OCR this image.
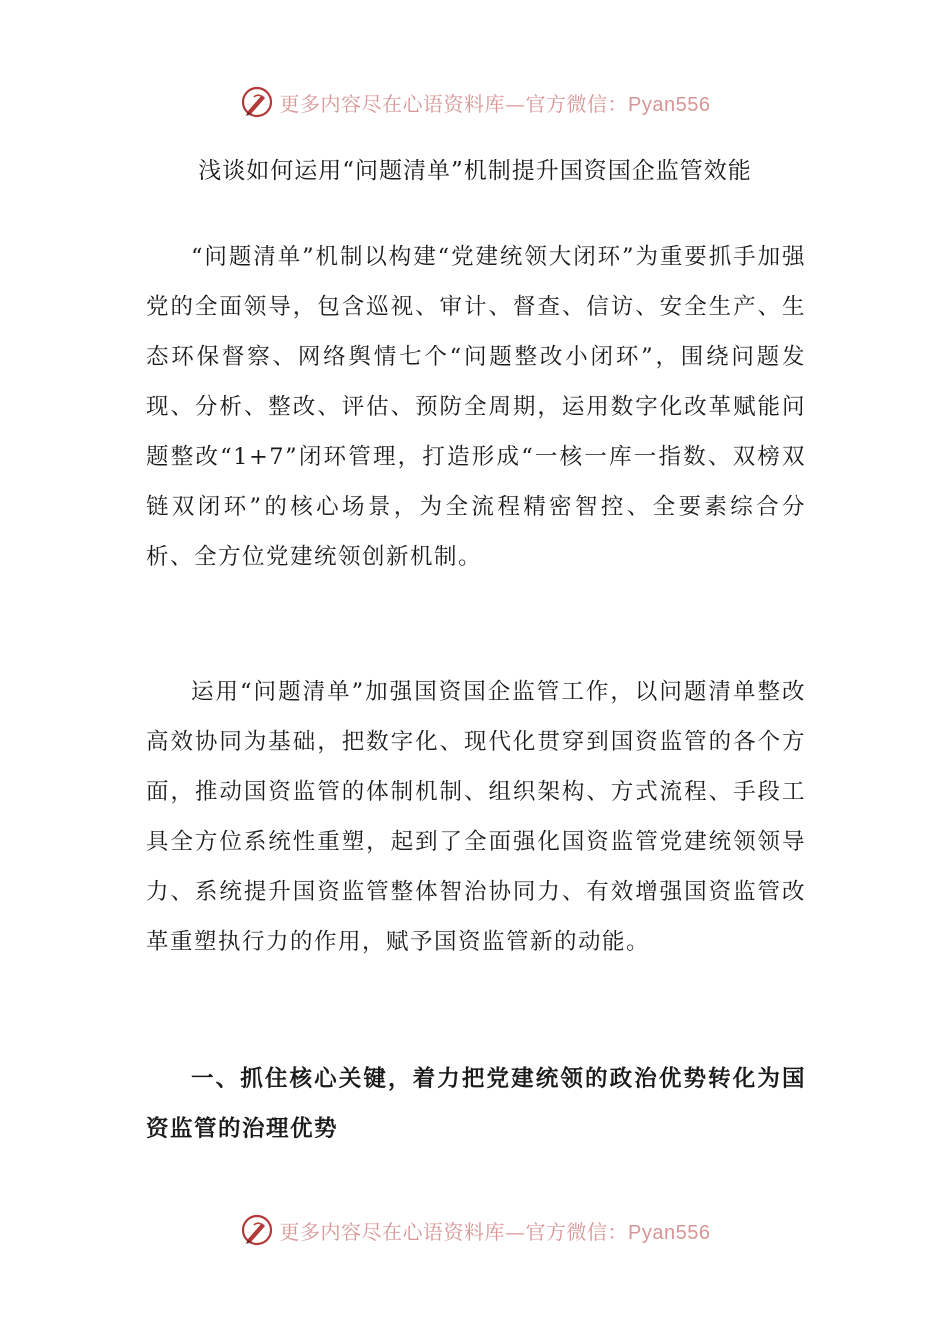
更多内容尽在心语资料库—官方微信：Pyan556
浅谈如何运用“问题清单”机制提升国资国企监管效能

“问题清单”机制以构建“党建统领大闭环”为重要抓手加强党的全面领导，包含巡视、审计、督查、信访、安全生产、生态环保督察、网络舆情七个“问题整改小闭环”，围绕问题发现、分析、整改、评估、预防全周期，运用数字化改革赋能问题整改“1+7”闭环管理，打造形成“一核一库一指数、双榜双链双闭环”的核心场景，为全流程精密智控、全要素综合分析、全方位党建统领创新机制。

运用“问题清单”加强国资国企监管工作，以问题清单整改高效协同为基础，把数字化、现代化贯穿到国资监管的各个方面，推动国资监管的体制机制、组织架构、方式流程、手段工具全方位系统性重塑，起到了全面强化国资监管党建统领领导力、系统提升国资监管整体智治协同力、有效增强国资监管改革重塑执行力的作用，赋予国资监管新的动能。

一、抓住核心关键，着力把党建统领的政治优势转化为国资监管的治理优势

更多内容尽在心语资料库—官方微信：Pyan556
